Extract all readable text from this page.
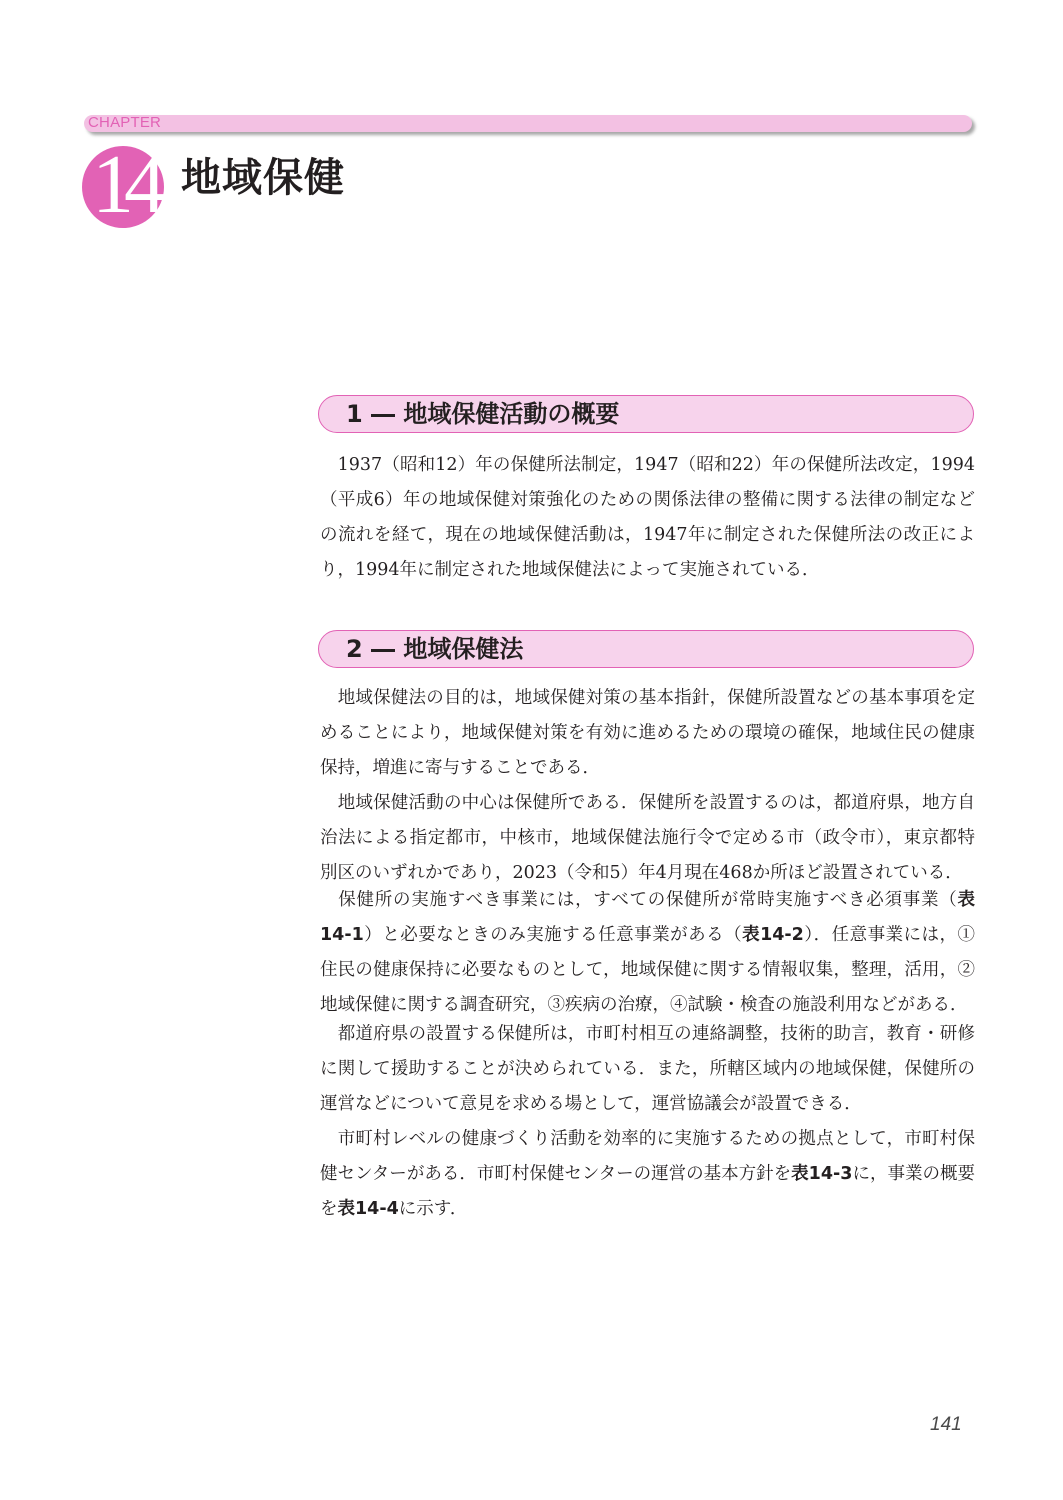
CHAPTER
14 地域保健
1 ― 地域保健活動の概要

　1937（昭和12）年の保健所法制定，1947（昭和22）年の保健所法改定，1994（平成6）年の地域保健対策強化のための関係法律の整備に関する法律の制定などの流れを経て，現在の地域保健活動は，1947年に制定された保健所法の改正により，1994年に制定された地域保健法によって実施されている．

2 ― 地域保健法

　地域保健法の目的は，地域保健対策の基本指針，保健所設置などの基本事項を定めることにより，地域保健対策を有効に進めるための環境の確保，地域住民の健康保持，増進に寄与することである．

　地域保健活動の中心は保健所である．保健所を設置するのは，都道府県，地方自治法による指定都市，中核市，地域保健法施行令で定める市（政令市），東京都特別区のいずれかであり，2023（令和5）年4月現在468か所ほど設置されている．

　保健所の実施すべき事業には，すべての保健所が常時実施すべき必須事業（表14-1）と必要なときのみ実施する任意事業がある（表14-2）．任意事業には，①住民の健康保持に必要なものとして，地域保健に関する情報収集，整理，活用，②地域保健に関する調査研究，③疾病の治療，④試験・検査の施設利用などがある．

　都道府県の設置する保健所は，市町村相互の連絡調整，技術的助言，教育・研修に関して援助することが決められている．また，所轄区域内の地域保健，保健所の運営などについて意見を求める場として，運営協議会が設置できる．

　市町村レベルの健康づくり活動を効率的に実施するための拠点として，市町村保健センターがある．市町村保健センターの運営の基本方針を表14-3に，事業の概要を表14-4に示す．

141
